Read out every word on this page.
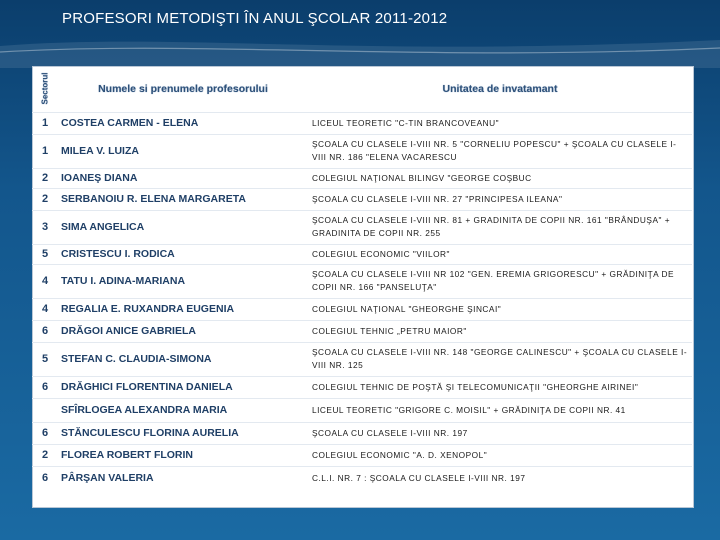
PROFESORI METODIŞTI ÎN ANUL ŞCOLAR 2011-2012
Sectorul	Numele si prenumele profesorului	Unitatea de invatamant
1	COSTEA CARMEN - ELENA	LICEUL TEORETIC "C-TIN BRANCOVEANU"
1	MILEA V. LUIZA	ŞCOALA CU CLASELE I-VIII NR. 5 "CORNELIU POPESCU" + ŞCOALA CU CLASELE I-VIII NR. 186 "ELENA VACARESCU
2	IOANEŞ DIANA	COLEGIUL NAŢIONAL BILINGV "GEORGE COŞBUC
2	SERBANOIU R. ELENA MARGARETA	ŞCOALA CU CLASELE I-VIII NR. 27 "PRINCIPESA ILEANA"
3	SIMA ANGELICA	ŞCOALA CU CLASELE I-VIII NR. 81 + GRADINITA DE COPII NR. 161 "BRÂNDUŞA" + GRADINITA DE COPII NR. 255
5	CRISTESCU I. RODICA	COLEGIUL ECONOMIC "VIILOR"
4	TATU I. ADINA-MARIANA	ŞCOALA CU CLASELE I-VIII NR 102 "GEN. EREMIA GRIGORESCU" + GRĂDINIŢA DE COPII NR. 166 "PANSELUŢA"
4	REGALIA E. RUXANDRA EUGENIA	COLEGIUL NAŢIONAL "GHEORGHE ŞINCAI"
6	DRĂGOI ANICE GABRIELA	COLEGIUL TEHNIC „PETRU MAIOR"
5	STEFAN C. CLAUDIA-SIMONA	ŞCOALA CU CLASELE I-VIII NR. 148 "GEORGE CALINESCU" + ŞCOALA CU CLASELE I-VIII NR. 125
6	DRĂGHICI FLORENTINA DANIELA	COLEGIUL TEHNIC DE POŞTĂ ŞI TELECOMUNICAŢII "GHEORGHE AIRINEI"
	SFÎRLOGEA ALEXANDRA MARIA	LICEUL TEORETIC "GRIGORE C. MOISIL" + GRĂDINIŢA DE COPII NR. 41
6	STĂNCULESCU FLORINA AURELIA	ŞCOALA CU CLASELE I-VIII NR. 197
2	FLOREA ROBERT FLORIN	COLEGIUL ECONOMIC "A. D. XENOPOL"
6	PÂRŞAN VALERIA	C.L.I. NR. 7 : ŞCOALA CU CLASELE I-VIII NR. 197
